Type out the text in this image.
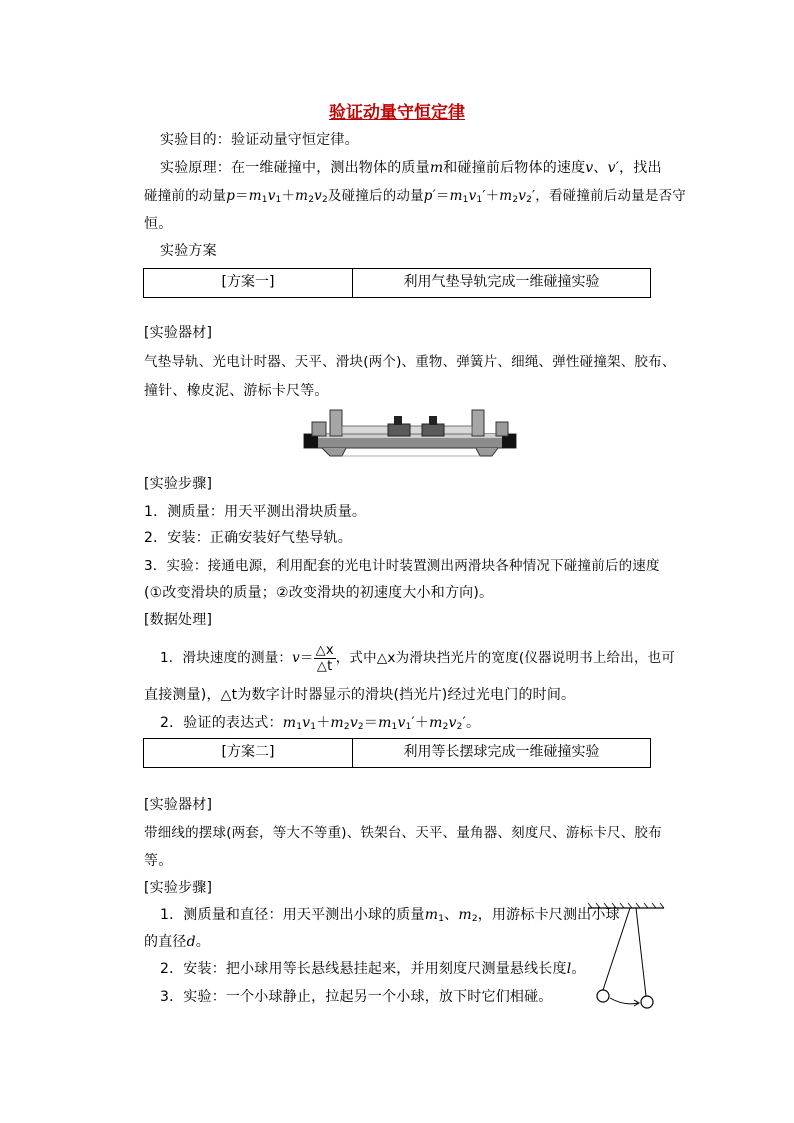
验证动量守恒定律
实验目的：验证动量守恒定律。
实验原理：在一维碰撞中，测出物体的质量m和碰撞前后物体的速度v、v′，找出
碰撞前的动量$p=m_1v_1+m_2v_2$及碰撞后的动量$p'=m_1v_1'+m_2v_2'$，看碰撞前后动量是否守
恒。
实验方案
[方案一]	利用气垫导轨完成一维碰撞实验
[实验器材]
气垫导轨、光电计时器、天平、滑块(两个)、重物、弹簧片、细绳、弹性碰撞架、胶布、
撞针、橡皮泥、游标卡尺等。
[实验步骤]
1．测质量：用天平测出滑块质量。
2．安装：正确安装好气垫导轨。
3．实验：接通电源，利用配套的光电计时装置测出两滑块各种情况下碰撞前后的速度
(①改变滑块的质量；②改变滑块的初速度大小和方向)。
[数据处理]
1．滑块速度的测量：$v= \frac{\triangle x}{\triangle t}$ ，式中△x为滑块挡光片的宽度(仪器说明书上给出，也可
直接测量)，△t为数字计时器显示的滑块(挡光片)经过光电门的时间。
2．验证的表达式：$m_1v_1+m_2v_2=m_1v_1'+m_2v_2'$。
[方案二]	利用等长摆球完成一维碰撞实验
[实验器材]
带细线的摆球(两套，等大不等重)、铁架台、天平、量角器、刻度尺、游标卡尺、胶布
等。
[实验步骤]
1．测质量和直径：用天平测出小球的质量$m_1$、$m_2$，用游标卡尺测出小球
的直径d。
2．安装：把小球用等长悬线悬挂起来，并用刻度尺测量悬线长度l。
3．实验：一个小球静止，拉起另一个小球，放下时它们相碰。
